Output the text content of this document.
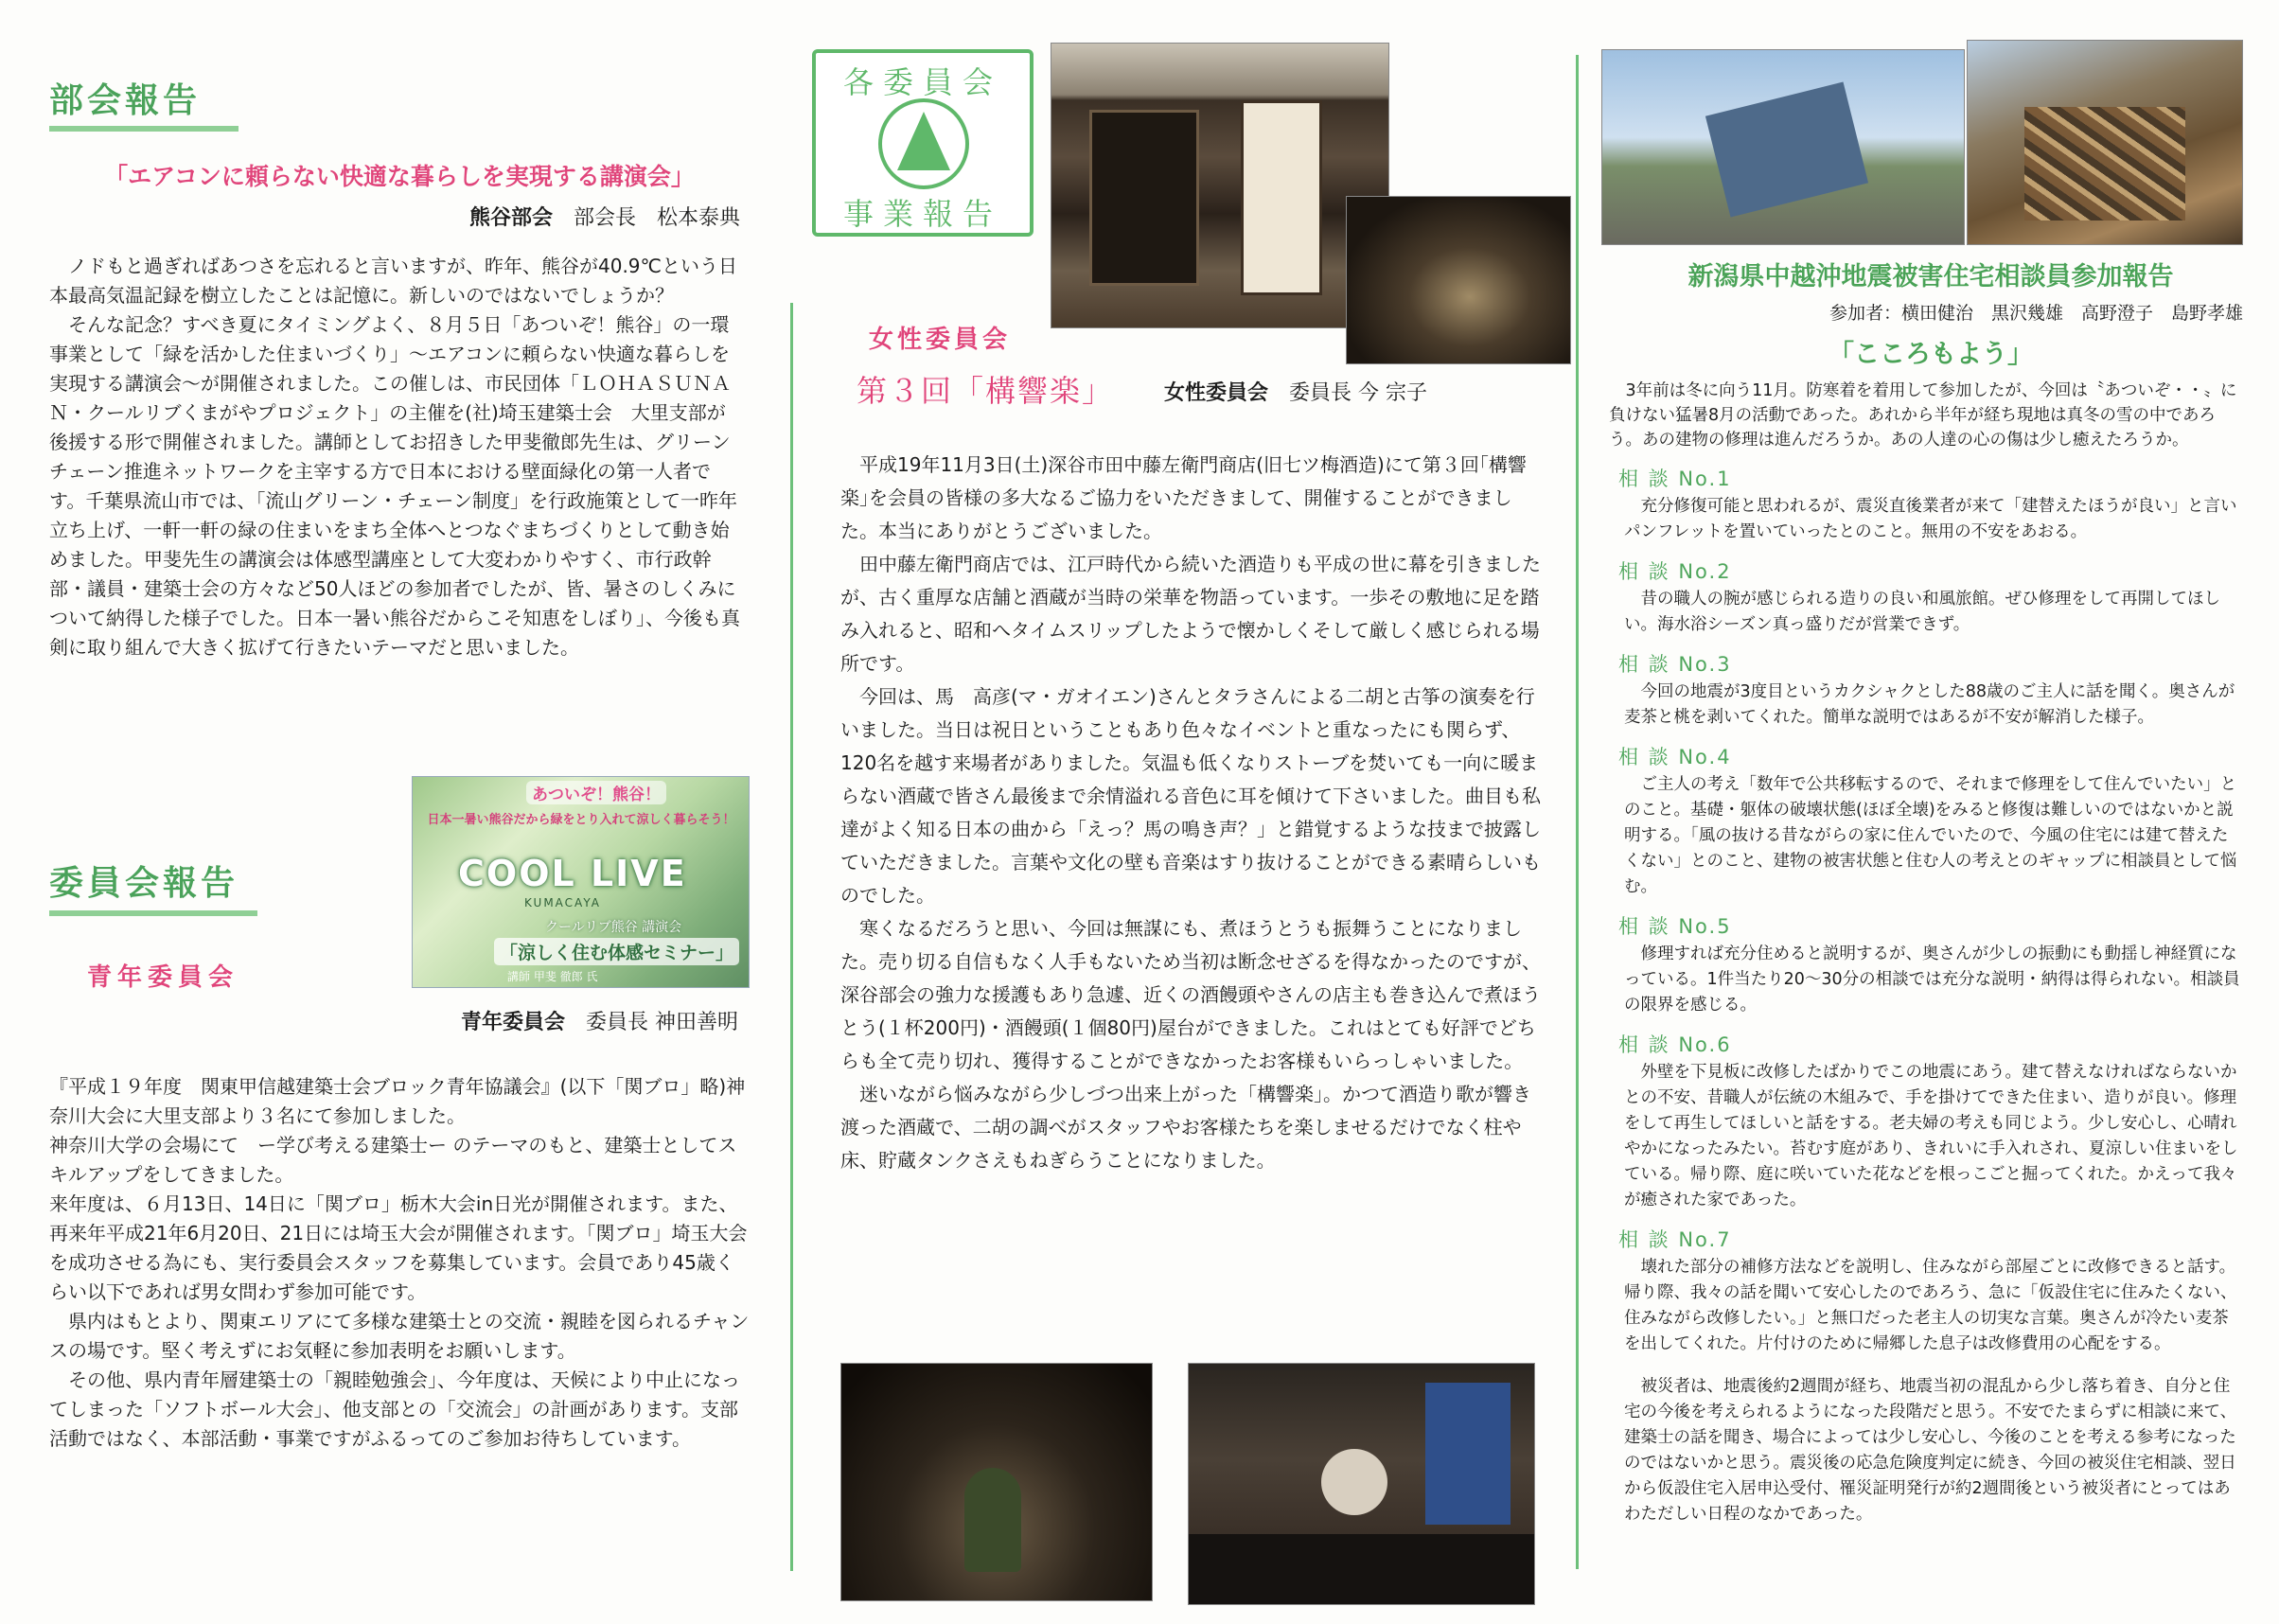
部会報告
「エアコンに頼らない快適な暮らしを実現する講演会」
熊谷部会 部会長　松本泰典

ノドもと過ぎればあつさを忘れると言いますが、昨年、熊谷が40.9℃という日本最高気温記録を樹立したことは記憶に。新しいのではないでしょうか？

そんな記念？すべき夏にタイミングよく、８月５日「あついぞ！熊谷」の一環事業として「緑を活かした住まいづくり」～エアコンに頼らない快適な暮らしを実現する講演会～が開催されました。この催しは、市民団体「ＬＯＨＡＳＵＮＡＮ・クールリブくまがやプロジェクト」の主催を(社)埼玉建築士会　大里支部が後援する形で開催されました。講師としてお招きした甲斐徹郎先生は、グリーンチェーン推進ネットワークを主宰する方で日本における壁面緑化の第一人者です。千葉県流山市では、「流山グリーン・チェーン制度」を行政施策として一昨年立ち上げ、一軒一軒の緑の住まいをまち全体へとつなぐまちづくりとして動き始めました。甲斐先生の講演会は体感型講座として大変わかりやすく、市行政幹部・議員・建築士会の方々など50人ほどの参加者でしたが、皆、暑さのしくみについて納得した様子でした。日本一暑い熊谷だからこそ知恵をしぼり」、今後も真剣に取り組んで大きく拡げて行きたいテーマだと思いました。

委員会報告
青年委員会
あついぞ！熊谷！
日本一暑い熊谷だから緑をとり入れて涼しく暮らそう！
COOL LIVE
KUMACAYA
クールリブ熊谷 講演会
「涼しく住む体感セミナー」
講師 甲斐 徹郎 氏
青年委員会 委員長 神田善明

『平成１９年度　関東甲信越建築士会ブロック青年協議会』(以下「関ブロ」略)神奈川大会に大里支部より３名にて参加しました。

神奈川大学の会場にて　ー学び考える建築士ー のテーマのもと、建築士としてスキルアップをしてきました。

来年度は、６月13日、14日に「関ブロ」栃木大会in日光が開催されます。また、再来年平成21年6月20日、21日には埼玉大会が開催されます。「関ブロ」埼玉大会を成功させる為にも、実行委員会スタッフを募集しています。会員であり45歳くらい以下であれば男女問わず参加可能です。

県内はもとより、関東エリアにて多様な建築士との交流・親睦を図られるチャンスの場です。堅く考えずにお気軽に参加表明をお願いします。

その他、県内青年層建築士の「親睦勉強会」、今年度は、天候により中止になってしまった「ソフトボール大会」、他支部との「交流会」の計画があります。支部活動ではなく、本部活動・事業ですがふるってのご参加お待ちしています。

各委員会
事業報告
女性委員会
第３回「構響楽」 女性委員会 委員長 今 宗子

平成19年11月3日(土)深谷市田中藤左衛門商店(旧七ツ梅酒造)にて第３回｢構響楽｣を会員の皆様の多大なるご協力をいただきまして、開催することができました。本当にありがとうございました。

田中藤左衛門商店では、江戸時代から続いた酒造りも平成の世に幕を引きましたが、古く重厚な店舗と酒蔵が当時の栄華を物語っています。一歩その敷地に足を踏み入れると、昭和へタイムスリップしたようで懐かしくそして厳しく感じられる場所です。

今回は、馬　高彦(マ・ガオイエン)さんとタラさんによる二胡と古筝の演奏を行いました。当日は祝日ということもあり色々なイベントと重なったにも関らず、120名を越す来場者がありました。気温も低くなりストーブを焚いても一向に暖まらない酒蔵で皆さん最後まで余情溢れる音色に耳を傾けて下さいました。曲目も私達がよく知る日本の曲から「えっ？馬の鳴き声？」と錯覚するような技まで披露していただきました。言葉や文化の壁も音楽はすり抜けることができる素晴らしいものでした。

寒くなるだろうと思い、今回は無謀にも、煮ほうとうも振舞うことになりました。売り切る自信もなく人手もないため当初は断念せざるを得なかったのですが、深谷部会の強力な援護もあり急遽、近くの酒饅頭やさんの店主も巻き込んで煮ほうとう(１杯200円)・酒饅頭(１個80円)屋台ができました。これはとても好評でどちらも全て売り切れ、獲得することができなかったお客様もいらっしゃいました。

迷いながら悩みながら少しづつ出来上がった「構響楽」。かつて酒造り歌が響き渡った酒蔵で、二胡の調べがスタッフやお客様たちを楽しませるだけでなく柱や床、貯蔵タンクさえもねぎらうことになりました。

新潟県中越沖地震被害住宅相談員参加報告
参加者：横田健治　黒沢幾雄　高野澄子　島野孝雄
「こころもよう」

3年前は冬に向う11月。防寒着を着用して参加したが、今回は〝あついぞ・・〟に負けない猛暑8月の活動であった。あれから半年が経ち現地は真冬の雪の中であろう。あの建物の修理は進んだろうか。あの人達の心の傷は少し癒えたろうか。

相 談 No.1

充分修復可能と思われるが、震災直後業者が来て「建替えたほうが良い」と言いパンフレットを置いていったとのこと。無用の不安をあおる。

相 談 No.2

昔の職人の腕が感じられる造りの良い和風旅館。ぜひ修理をして再開してほしい。海水浴シーズン真っ盛りだが営業できず。

相 談 No.3

今回の地震が3度目というカクシャクとした88歳のご主人に話を聞く。奥さんが麦茶と桃を剥いてくれた。簡単な説明ではあるが不安が解消した様子。

相 談 No.4

ご主人の考え「数年で公共移転するので、それまで修理をして住んでいたい」とのこと。基礎・躯体の破壊状態(ほぼ全壊)をみると修復は難しいのではないかと説明する。「風の抜ける昔ながらの家に住んでいたので、今風の住宅には建て替えたくない」とのこと、建物の被害状態と住む人の考えとのギャップに相談員として悩む。

相 談 No.5

修理すれば充分住めると説明するが、奥さんが少しの振動にも動揺し神経質になっている。1件当たり20～30分の相談では充分な説明・納得は得られない。相談員の限界を感じる。

相 談 No.6

外壁を下見板に改修したばかりでこの地震にあう。建て替えなければならないかとの不安、昔職人が伝統の木組みで、手を掛けてできた住まい、造りが良い。修理をして再生してほしいと話をする。老夫婦の考えも同じよう。少し安心し、心晴れやかになったみたい。苔むす庭があり、きれいに手入れされ、夏涼しい住まいをしている。帰り際、庭に咲いていた花などを根っこごと掘ってくれた。かえって我々が癒された家であった。

相 談 No.7

壊れた部分の補修方法などを説明し、住みながら部屋ごとに改修できると話す。帰り際、我々の話を聞いて安心したのであろう、急に「仮設住宅に住みたくない、住みながら改修したい。」と無口だった老主人の切実な言葉。奥さんが冷たい麦茶を出してくれた。片付けのために帰郷した息子は改修費用の心配をする。

被災者は、地震後約2週間が経ち、地震当初の混乱から少し落ち着き、自分と住宅の今後を考えられるようになった段階だと思う。不安でたまらずに相談に来て、建築士の話を聞き、場合によっては少し安心し、今後のことを考える参考になったのではないかと思う。震災後の応急危険度判定に続き、今回の被災住宅相談、翌日から仮設住宅入居申込受付、罹災証明発行が約2週間後という被災者にとってはあわただしい日程のなかであった。
